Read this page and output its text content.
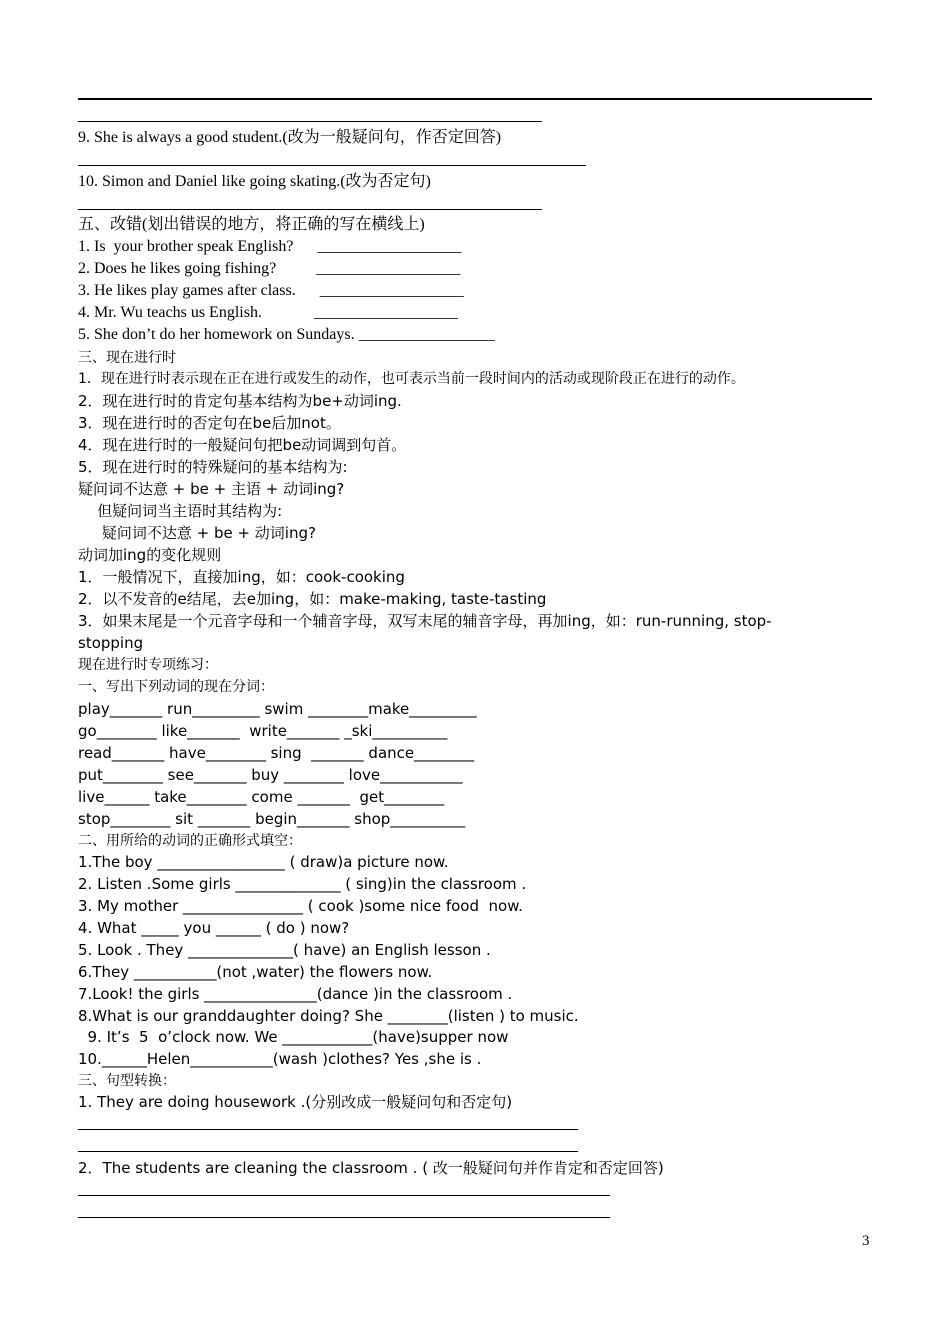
9. She is always a good student.(改为一般疑问句，作否定回答)
10. Simon and Daniel like going skating.(改为否定句)
五、改错(划出错误的地方，将正确的写在横线上)
1. Is  your brother speak English?      __________________
2. Does he likes going fishing?          __________________
3. He likes play games after class.      __________________
4. Mr. Wu teachs us English.             __________________
5. She don’t do her homework on Sundays. _________________
三、现在进行时
1．现在进行时表示现在正在进行或发生的动作，也可表示当前一段时间内的活动或现阶段正在进行的动作。
2．现在进行时的肯定句基本结构为be+动词ing.
3．现在进行时的否定句在be后加not。
4．现在进行时的一般疑问句把be动词调到句首。
5．现在进行时的特殊疑问的基本结构为:
疑问词不达意 + be + 主语 + 动词ing?
但疑问词当主语时其结构为:
疑问词不达意 + be + 动词ing?
动词加ing的变化规则
1．一般情况下，直接加ing，如：cook-cooking
2．以不发音的e结尾，去e加ing，如：make-making, taste-tasting
3．如果末尾是一个元音字母和一个辅音字母，双写末尾的辅音字母，再加ing，如：run-running, stop-
stopping
现在进行时专项练习：
一、写出下列动词的现在分词：
play_______ run_________ swim ________make_________
go________ like_______  write_______ _ski__________
read_______ have________ sing  _______ dance________
put________ see_______ buy ________ love___________
live______ take________ come _______  get________
stop________ sit _______ begin_______ shop__________
二、用所给的动词的正确形式填空：
1.The boy _________________ ( draw)a picture now.
2. Listen .Some girls ______________ ( sing)in the classroom .
3. My mother ________________ ( cook )some nice food  now.
4. What _____ you ______ ( do ) now?
5. Look . They ______________( have) an English lesson .
6.They ___________(not ,water) the flowers now.
7.Look! the girls _______________(dance )in the classroom .
8.What is our granddaughter doing? She ________(listen ) to music.
9. It’s  5  o’clock now. We ____________(have)supper now
10.______Helen___________(wash )clothes? Yes ,she is .
三、句型转换：
1. They are doing housework .(分别改成一般疑问句和否定句)
2．The students are cleaning the classroom . ( 改一般疑问句并作肯定和否定回答)
3
